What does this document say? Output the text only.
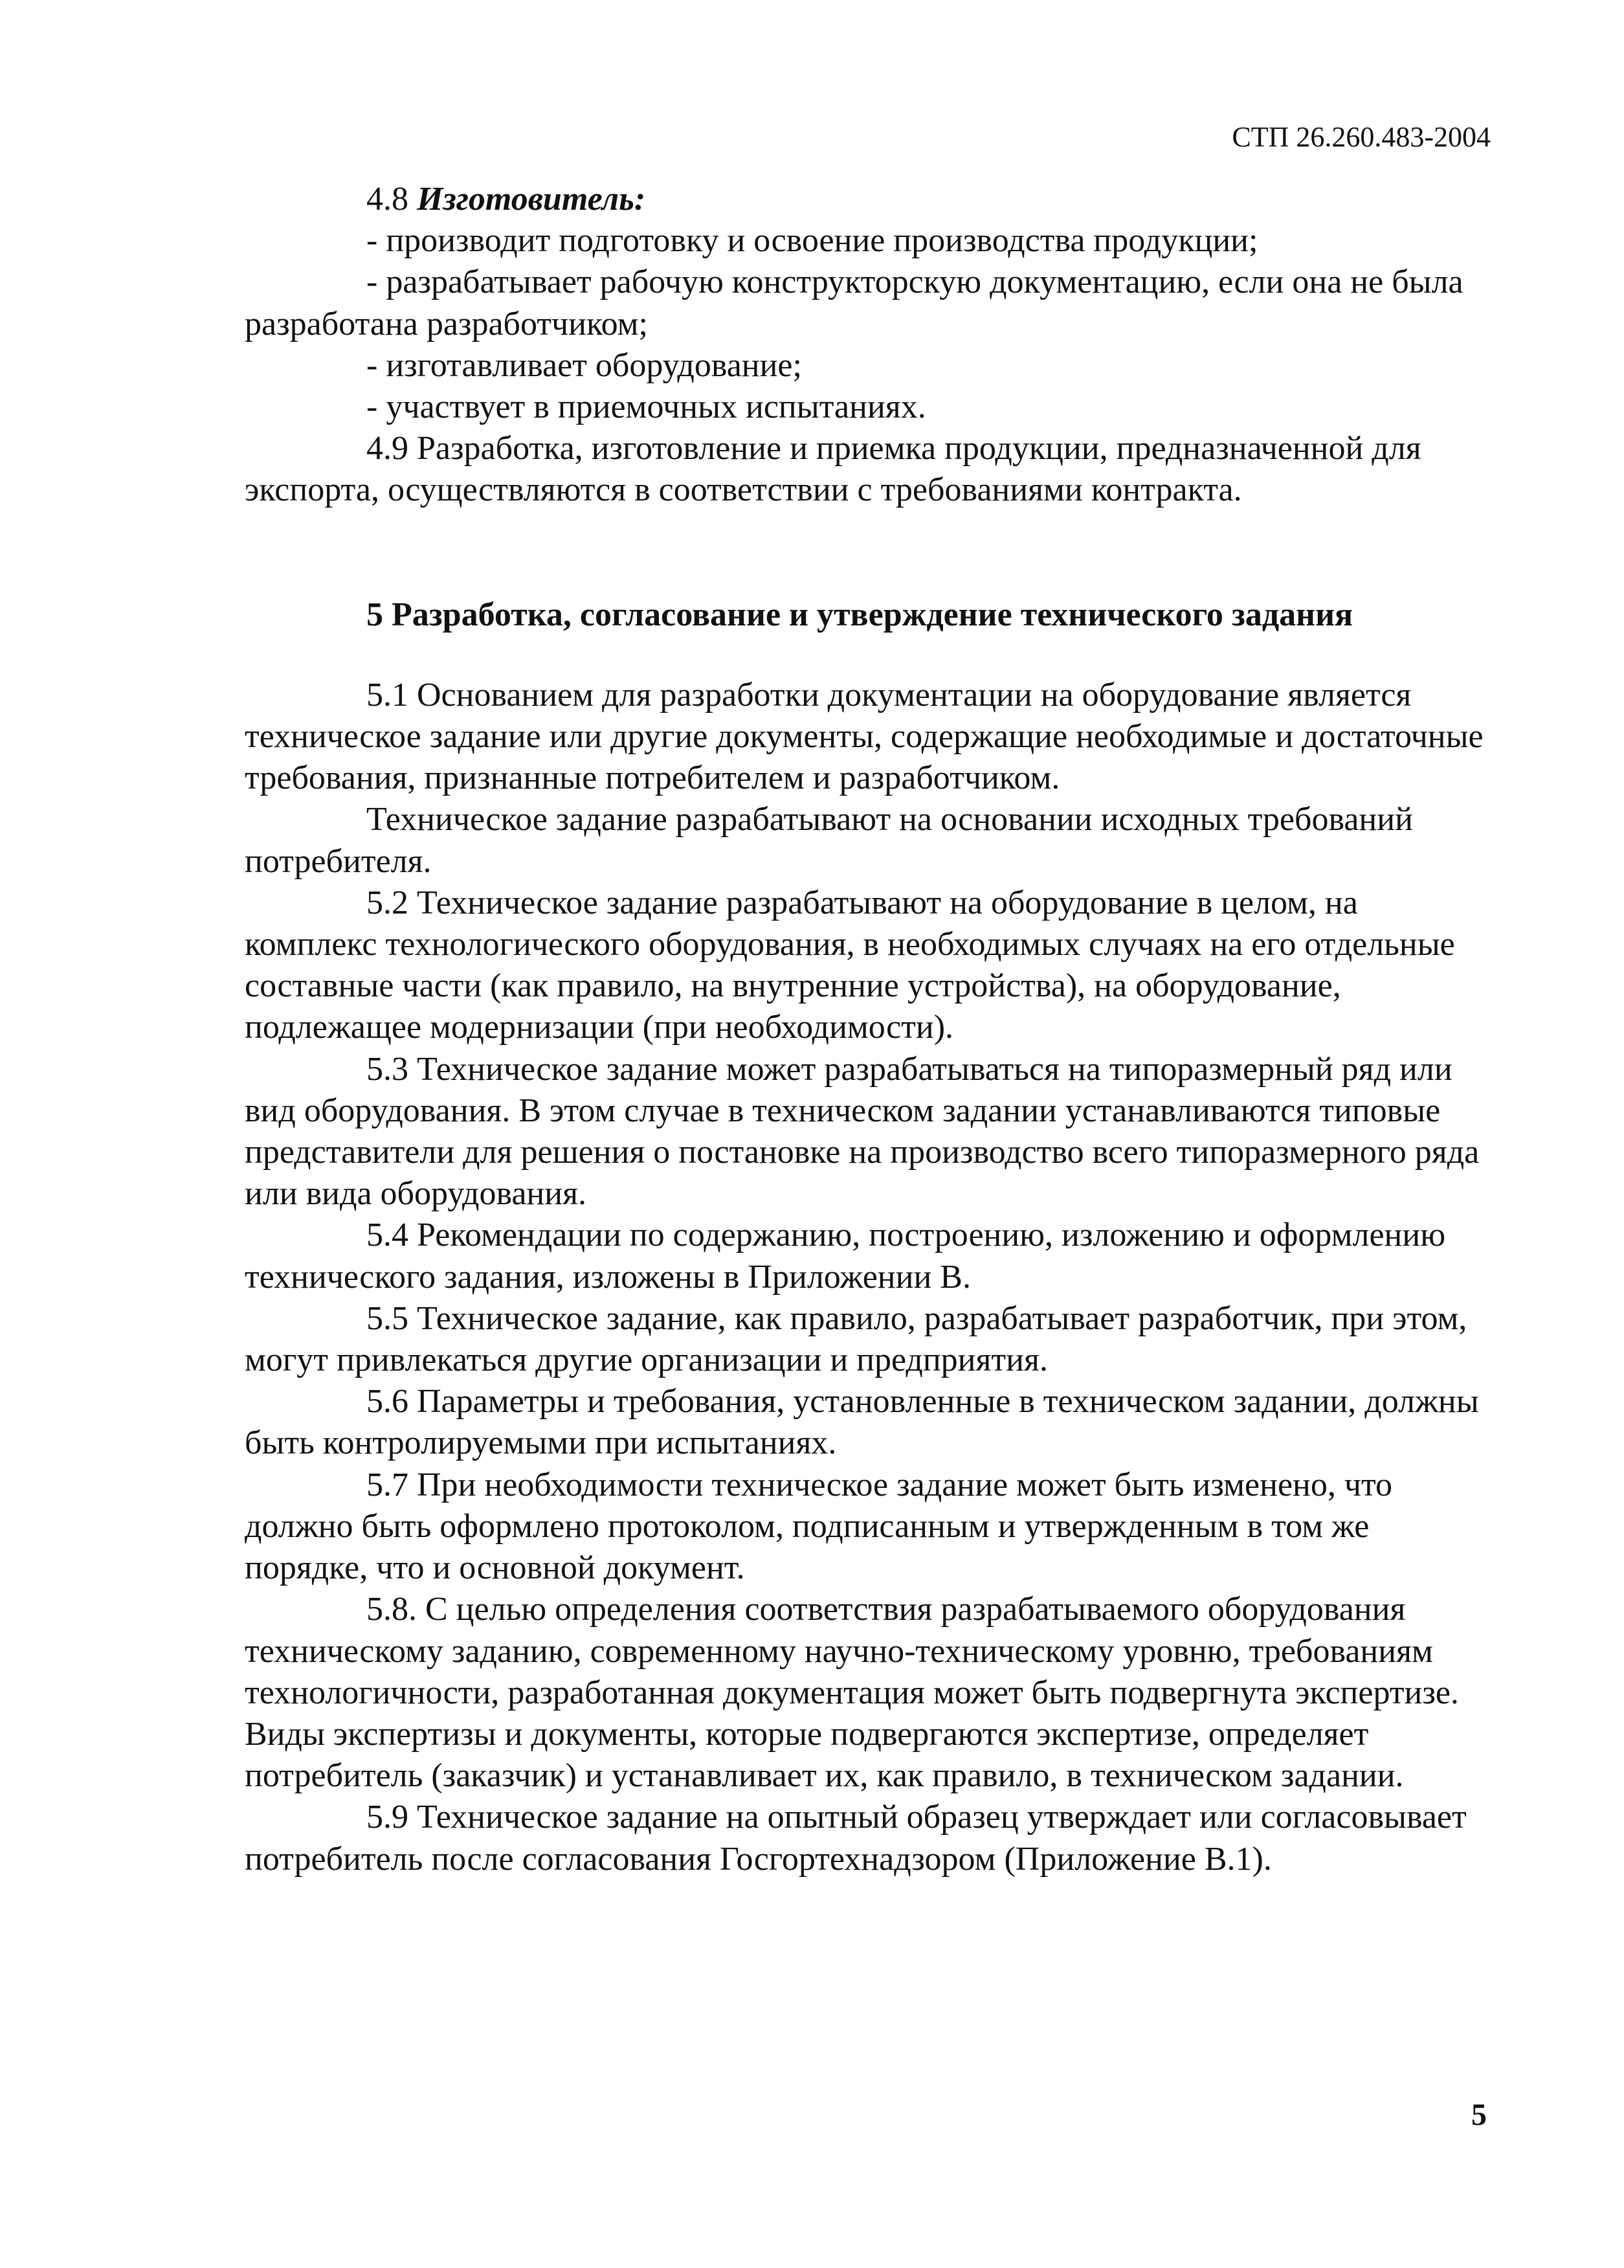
СТП 26.260.483-2004

4.8 Изготовитель:

- производит подготовку и освоение производства продукции;

- разрабатывает рабочую конструкторскую документацию, если она не была разработана разработчиком;

- изготавливает оборудование;

- участвует в приемочных испытаниях.

4.9 Разработка, изготовление и приемка продукции, предназначенной для экспорта, осуществляются в соответствии с требованиями контракта.

5 Разработка, согласование и утверждение технического задания

5.1 Основанием для разработки документации на оборудование является техническое задание или другие документы, содержащие необходимые и достаточные требования, признанные потребителем и разработчиком.

Техническое задание разрабатывают на основании исходных требований потребителя.

5.2 Техническое задание разрабатывают на оборудование в целом, на комплекс технологического оборудования, в необходимых случаях на его отдельные составные части (как правило, на внутренние устройства), на оборудование, подлежащее модернизации (при необходимости).

5.3 Техническое задание может разрабатываться на типоразмерный ряд или вид оборудования. В этом случае в техническом задании устанавливаются типовые представители для решения о постановке на производство всего типоразмерного ряда или вида оборудования.

5.4 Рекомендации по содержанию, построению, изложению и оформлению технического задания, изложены в Приложении В.

5.5 Техническое задание, как правило, разрабатывает разработчик, при этом, могут привлекаться другие организации и предприятия.

5.6 Параметры и требования, установленные в техническом задании, должны быть контролируемыми при испытаниях.

5.7 При необходимости техническое задание может быть изменено, что должно быть оформлено протоколом, подписанным и утвержденным в том же порядке, что и основной документ.

5.8. С целью определения соответствия разрабатываемого оборудования техническому заданию, современному научно-техническому уровню, требованиям технологичности, разработанная документация может быть подвергнута экспертизе. Виды экспертизы и документы, которые подвергаются экспертизе, определяет потребитель (заказчик) и устанавливает их, как правило, в техническом задании.

5.9 Техническое задание на опытный образец утверждает или согласовывает потребитель после согласования Госгортехнадзором (Приложение В.1).

5
